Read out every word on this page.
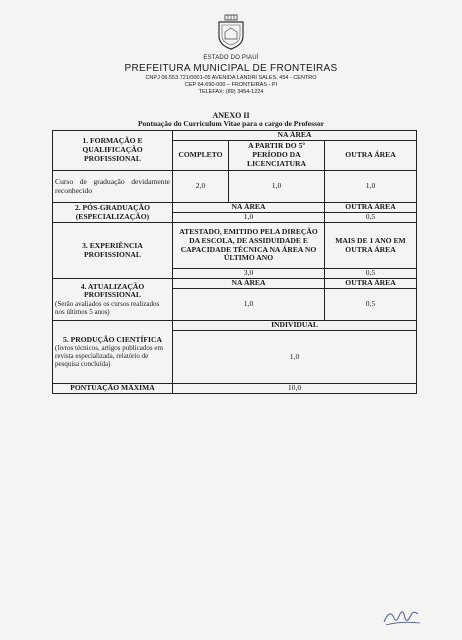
ESTADO DO PIAUÍ
PREFEITURA MUNICIPAL DE FRONTEIRAS
CNPJ 06.553.721/0001-05 AVENIDA LANDRI SALES, 454 - CENTRO
CEP 64.690-000 – FRONTEIRAS - PI
TELEFAX: (89) 3454-1224
ANEXO II
Pontuação do Curriculum Vitae para o cargo de Professor
1. FORMAÇÃO E QUALIFICAÇÃO PROFISSIONAL	NA ÁREA		
	COMPLETO	A PARTIR DO 5º PERÍODO DA LICENCIATURA	OUTRA ÁREA
Curso de graduação devidamente reconhecido	2,0	1,0	1,0
2. PÓS-GRADUAÇÃO (ESPECIALIZAÇÃO)	NA ÁREA		OUTRA ÁREA
	1,0		0,5
3. EXPERIÊNCIA PROFISSIONAL	ATESTADO, EMITIDO PELA DIREÇÃO DA ESCOLA, DE ASSIDUIDADE E CAPACIDADE TÉCNICA NA ÁREA NO ÚLTIMO ANO		MAIS DE 1 ANO EM OUTRA ÁREA
	3,0		0,5

4. ATUALIZAÇÃO PROFISSIONAL
(Serão avaliados os cursos realizados nos últimos 5 anos)	NA ÁREA		OUTRA ÁREA
	1,0		0,5

5. PRODUÇÃO CIENTÍFICA
(livros técnicos, artigos publicados em revista especializada, relatório de pesquisa concluída)	INDIVIDUAL		
	1,0		
PONTUAÇÃO MÁXIMA	10,0		
